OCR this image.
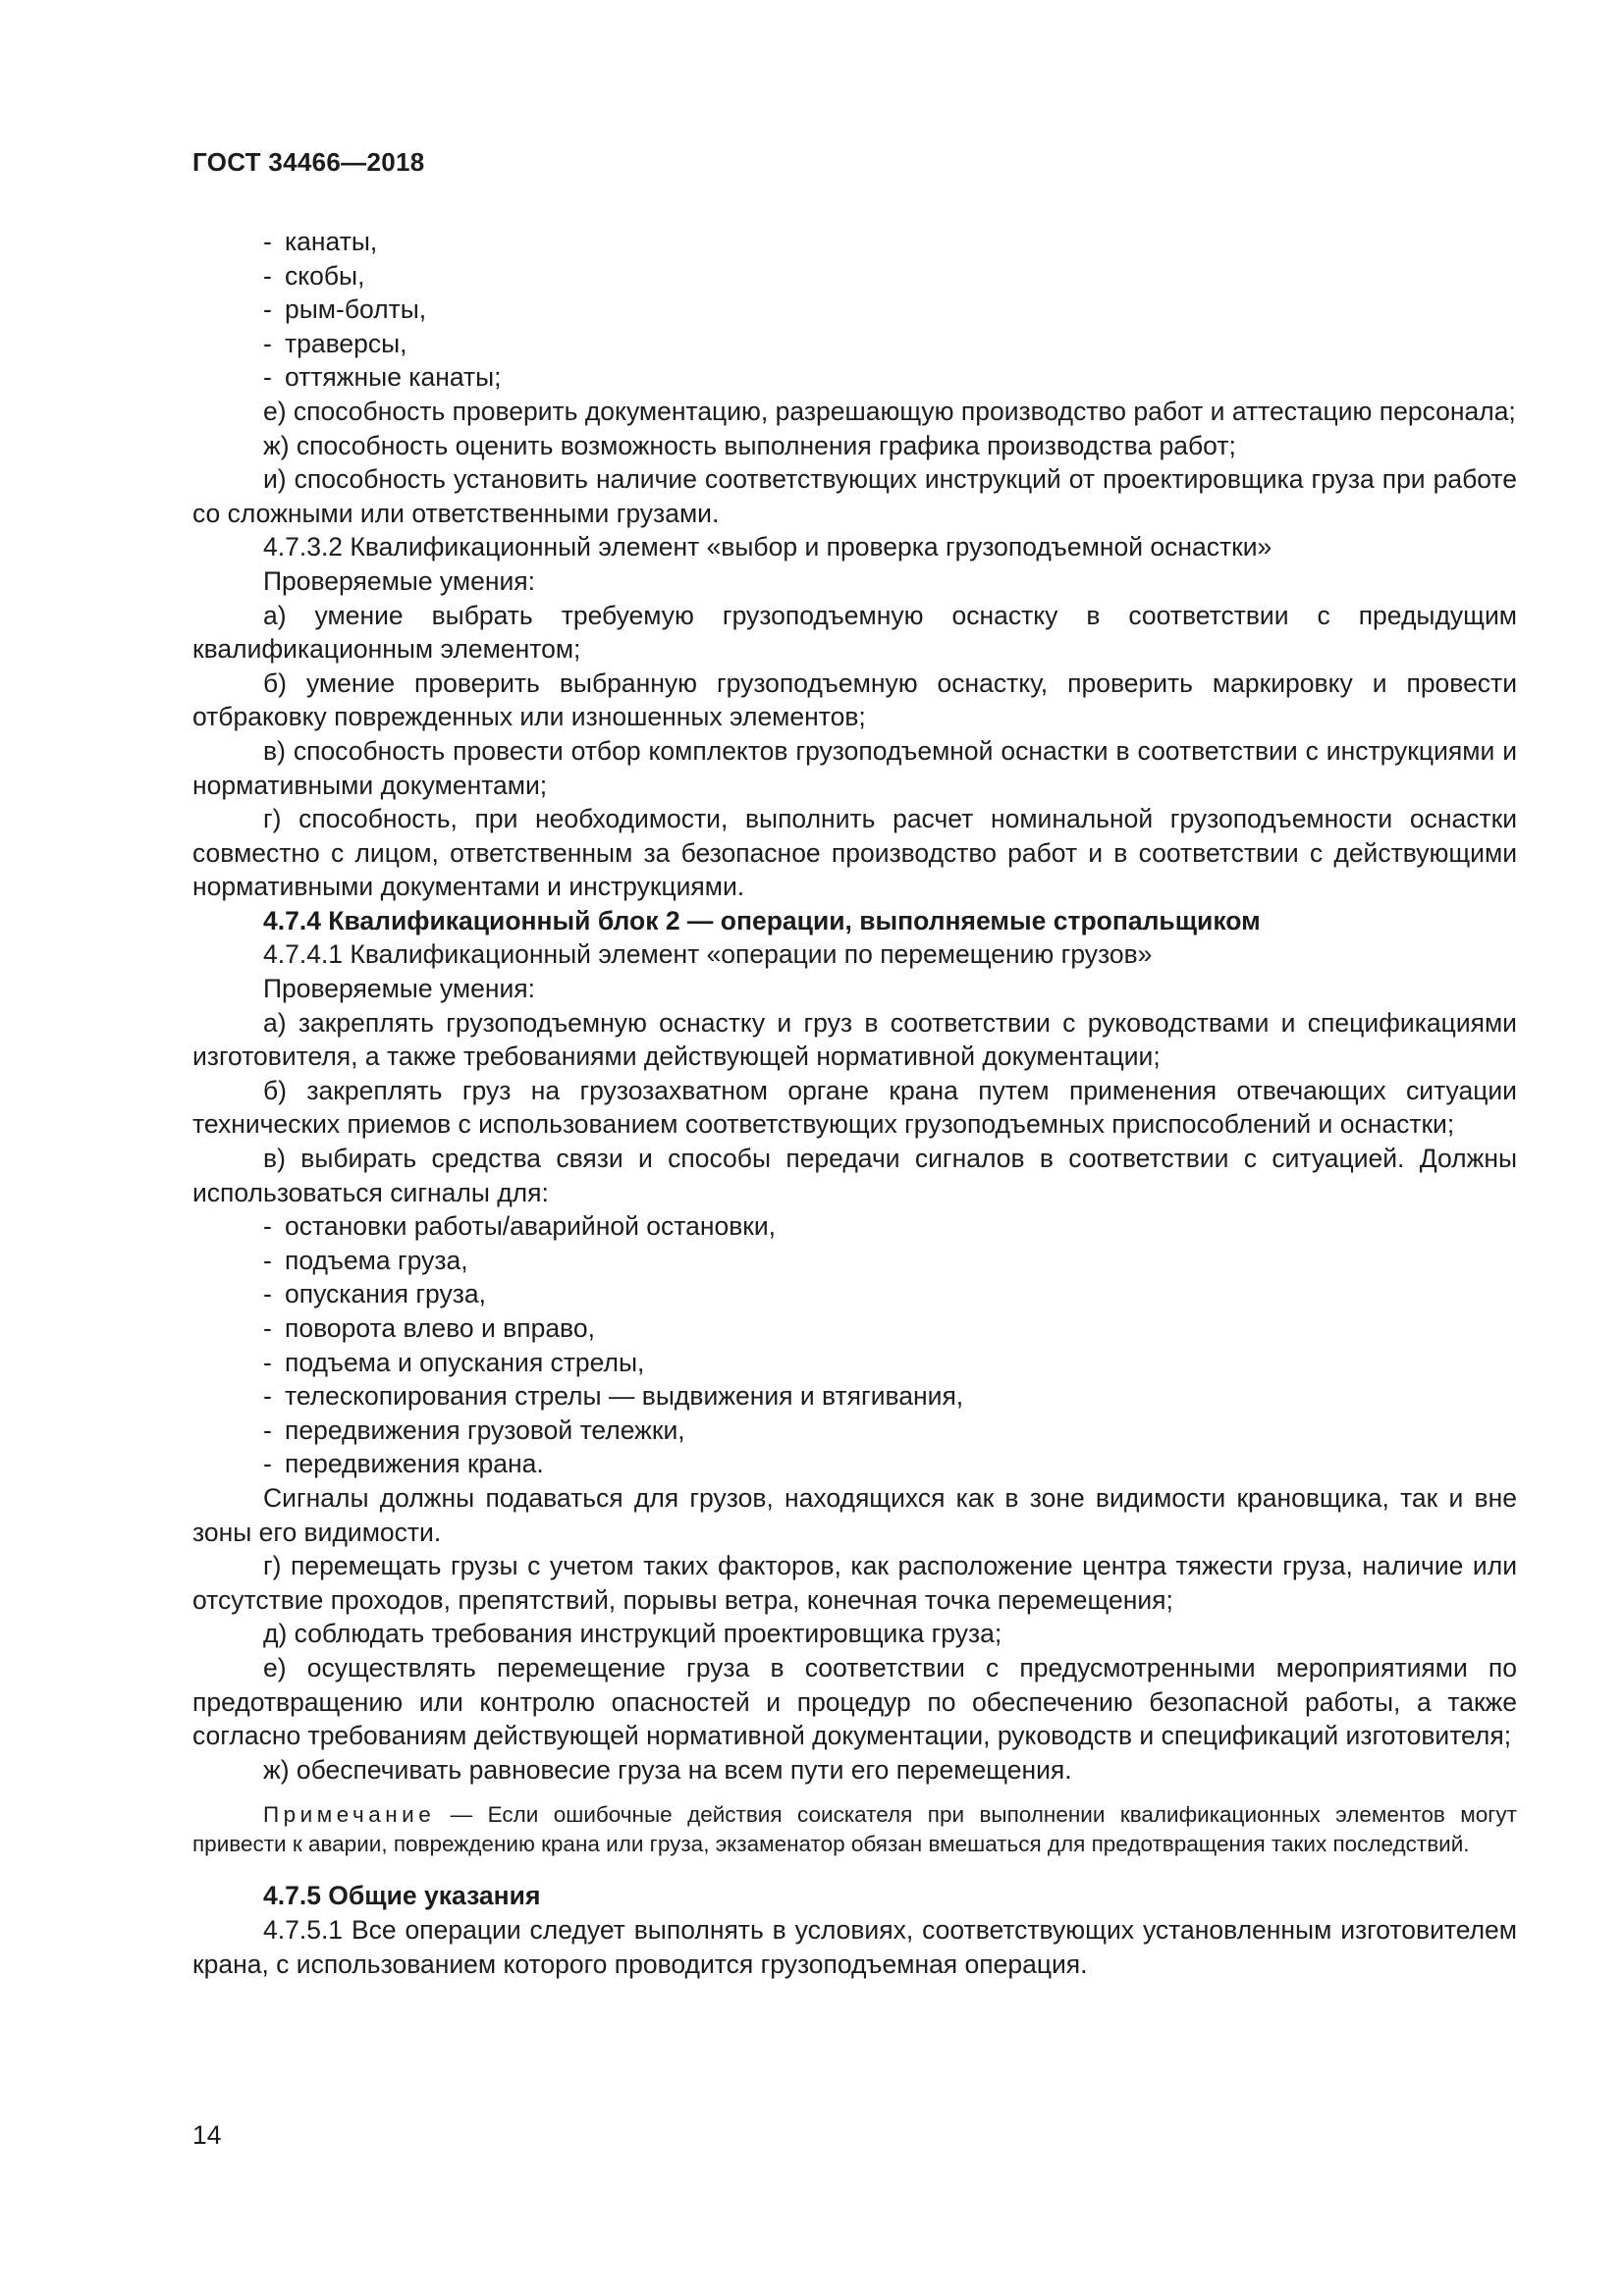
ГОСТ 34466—2018

- канаты,

- скобы,

- рым-болты,

- траверсы,

- оттяжные канаты;

е) способность проверить документацию, разрешающую производство работ и аттестацию персонала;

ж) способность оценить возможность выполнения графика производства работ;

и) способность установить наличие соответствующих инструкций от проектировщика груза при работе со сложными или ответственными грузами.

4.7.3.2 Квалификационный элемент «выбор и проверка грузоподъемной оснастки»

Проверяемые умения:

а) умение выбрать требуемую грузоподъемную оснастку в соответствии с предыдущим квалификационным элементом;

б) умение проверить выбранную грузоподъемную оснастку, проверить маркировку и провести отбраковку поврежденных или изношенных элементов;

в) способность провести отбор комплектов грузоподъемной оснастки в соответствии с инструкциями и нормативными документами;

г) способность, при необходимости, выполнить расчет номинальной грузоподъемности оснастки совместно с лицом, ответственным за безопасное производство работ и в соответствии с действующими нормативными документами и инструкциями.

4.7.4 Квалификационный блок 2 — операции, выполняемые стропальщиком

4.7.4.1 Квалификационный элемент «операции по перемещению грузов»

Проверяемые умения:

а) закреплять грузоподъемную оснастку и груз в соответствии с руководствами и спецификациями изготовителя, а также требованиями действующей нормативной документации;

б) закреплять груз на грузозахватном органе крана путем применения отвечающих ситуации технических приемов с использованием соответствующих грузоподъемных приспособлений и оснастки;

в) выбирать средства связи и способы передачи сигналов в соответствии с ситуацией. Должны использоваться сигналы для:

- остановки работы/аварийной остановки,

- подъема груза,

- опускания груза,

- поворота влево и вправо,

- подъема и опускания стрелы,

- телескопирования стрелы — выдвижения и втягивания,

- передвижения грузовой тележки,

- передвижения крана.

Сигналы должны подаваться для грузов, находящихся как в зоне видимости крановщика, так и вне зоны его видимости.

г) перемещать грузы с учетом таких факторов, как расположение центра тяжести груза, наличие или отсутствие проходов, препятствий, порывы ветра, конечная точка перемещения;

д) соблюдать требования инструкций проектировщика груза;

е) осуществлять перемещение груза в соответствии с предусмотренными мероприятиями по предотвращению или контролю опасностей и процедур по обеспечению безопасной работы, а также согласно требованиям действующей нормативной документации, руководств и спецификаций изготовителя;

ж) обеспечивать равновесие груза на всем пути его перемещения.

Примечание — Если ошибочные действия соискателя при выполнении квалификационных элементов могут привести к аварии, повреждению крана или груза, экзаменатор обязан вмешаться для предотвращения таких последствий.

4.7.5 Общие указания

4.7.5.1 Все операции следует выполнять в условиях, соответствующих установленным изготовителем крана, с использованием которого проводится грузоподъемная операция.

14
